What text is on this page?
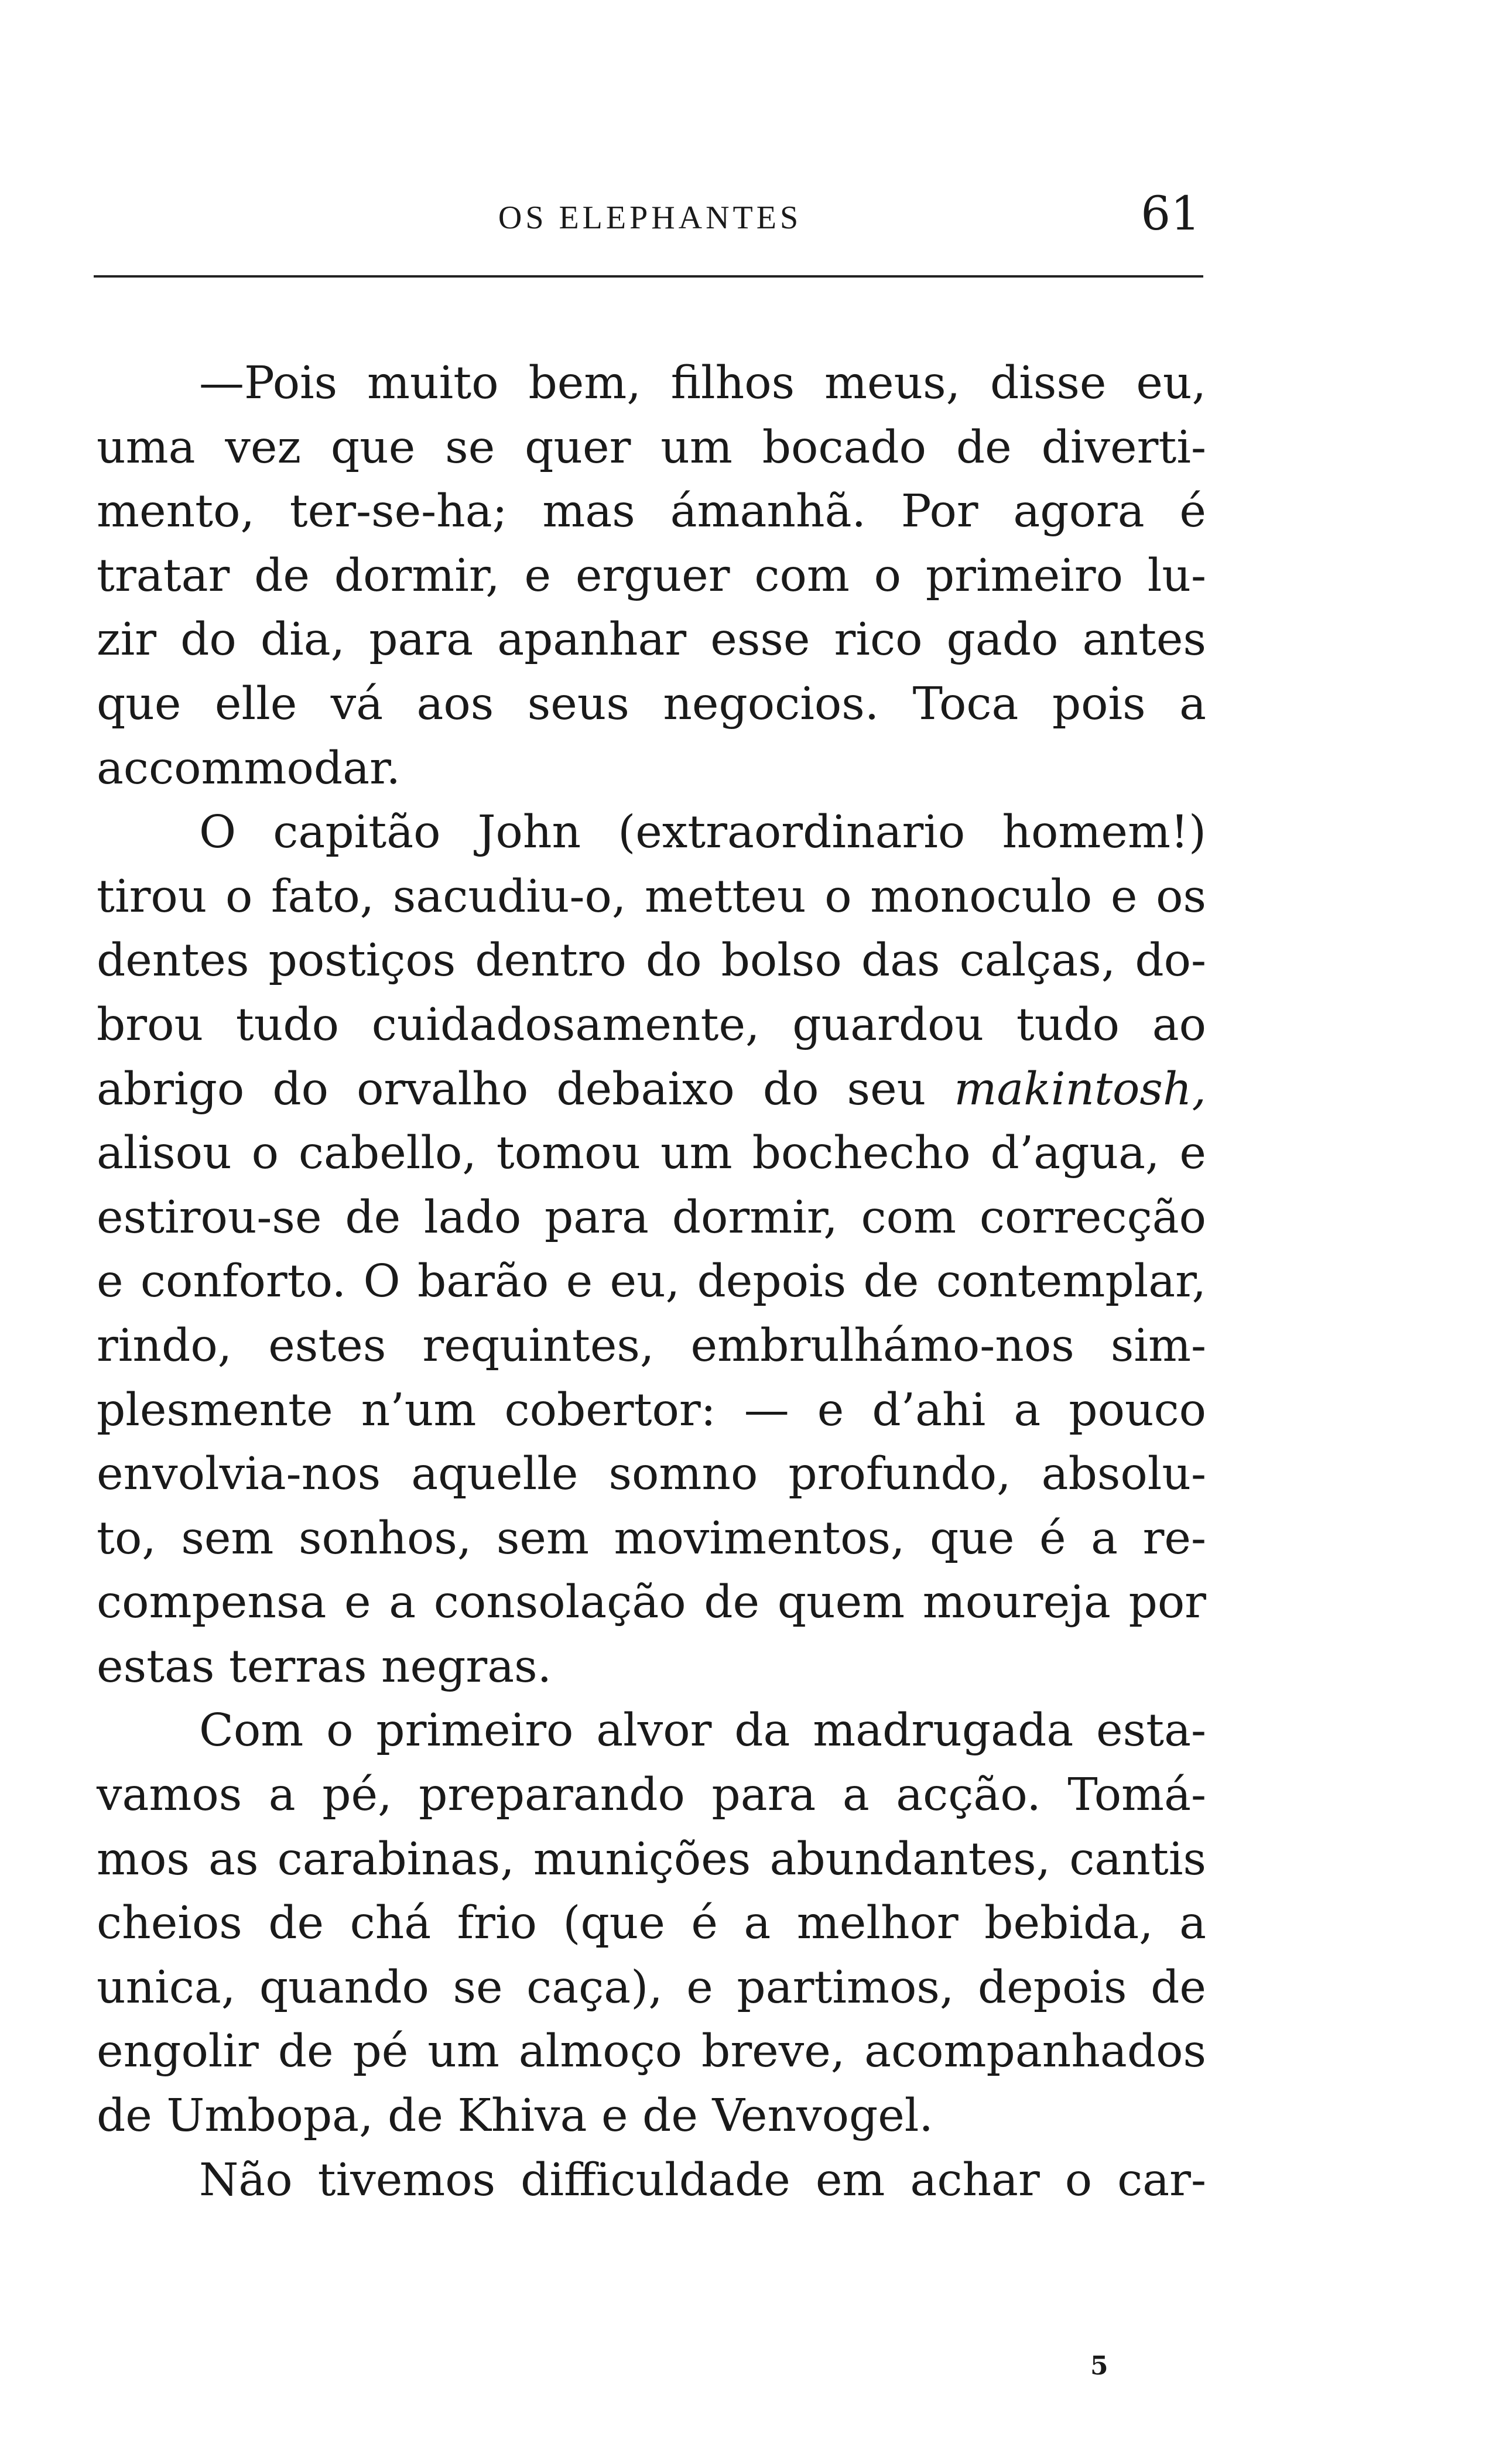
OS ELEPHANTES	61
—Pois muito bem, filhos meus, disse eu,
uma vez que se quer um bocado de diverti-
mento, ter-se-ha; mas ámanhã. Por agora é
tratar de dormir, e erguer com o primeiro lu-
zir do dia, para apanhar esse rico gado antes
que elle vá aos seus negocios. Toca pois a
accommodar.
O capitão John (extraordinario homem!)
tirou o fato, sacudiu-o, metteu o monoculo e os
dentes postiços dentro do bolso das calças, do-
brou tudo cuidadosamente, guardou tudo ao
abrigo do orvalho debaixo do seu makintosh,
alisou o cabello, tomou um bochecho d’agua, e
estirou-se de lado para dormir, com correcção
e conforto. O barão e eu, depois de contemplar,
rindo, estes requintes, embrulhámo-nos sim-
plesmente n’um cobertor: — e d’ahi a pouco
envolvia-nos aquelle somno profundo, absolu-
to, sem sonhos, sem movimentos, que é a re-
compensa e a consolação de quem moureja por
estas terras negras.
Com o primeiro alvor da madrugada esta-
vamos a pé, preparando para a acção. Tomá-
mos as carabinas, munições abundantes, cantis
cheios de chá frio (que é a melhor bebida, a
unica, quando se caça), e partimos, depois de
engolir de pé um almoço breve, acompanhados
de Umbopa, de Khiva e de Venvogel.
Não tivemos difficuldade em achar o car-
5
